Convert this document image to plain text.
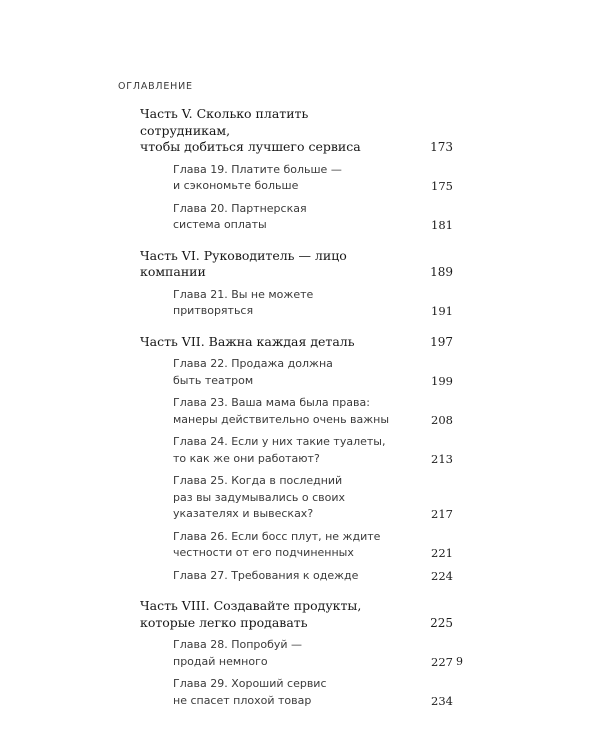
ОГЛАВЛЕНИЕ
Часть V. Сколько платить сотрудникам,
чтобы добиться лучшего сервиса	173
Глава 19. Платите больше —
и сэкономьте больше	175
Глава 20. Партнерская
система оплаты	181
Часть VI. Руководитель — лицо компании	189
Глава 21. Вы не можете притворяться	191
Часть VII. Важна каждая деталь	197
Глава 22. Продажа должна
быть театром	199
Глава 23. Ваша мама была права:
манеры действительно очень важны	208
Глава 24. Если у них такие туалеты,
то как же они работают?	213
Глава 25. Когда в последний
раз вы задумывались о своих
указателях и вывесках?	217
Глава 26. Если босс плут, не ждите
честности от его подчиненных	221
Глава 27. Требования к одежде	224
Часть VIII. Создавайте продукты,
которые легко продавать	225
Глава 28. Попробуй —
продай немного	227
Глава 29. Хороший сервис
не спасет плохой товар	234
9
